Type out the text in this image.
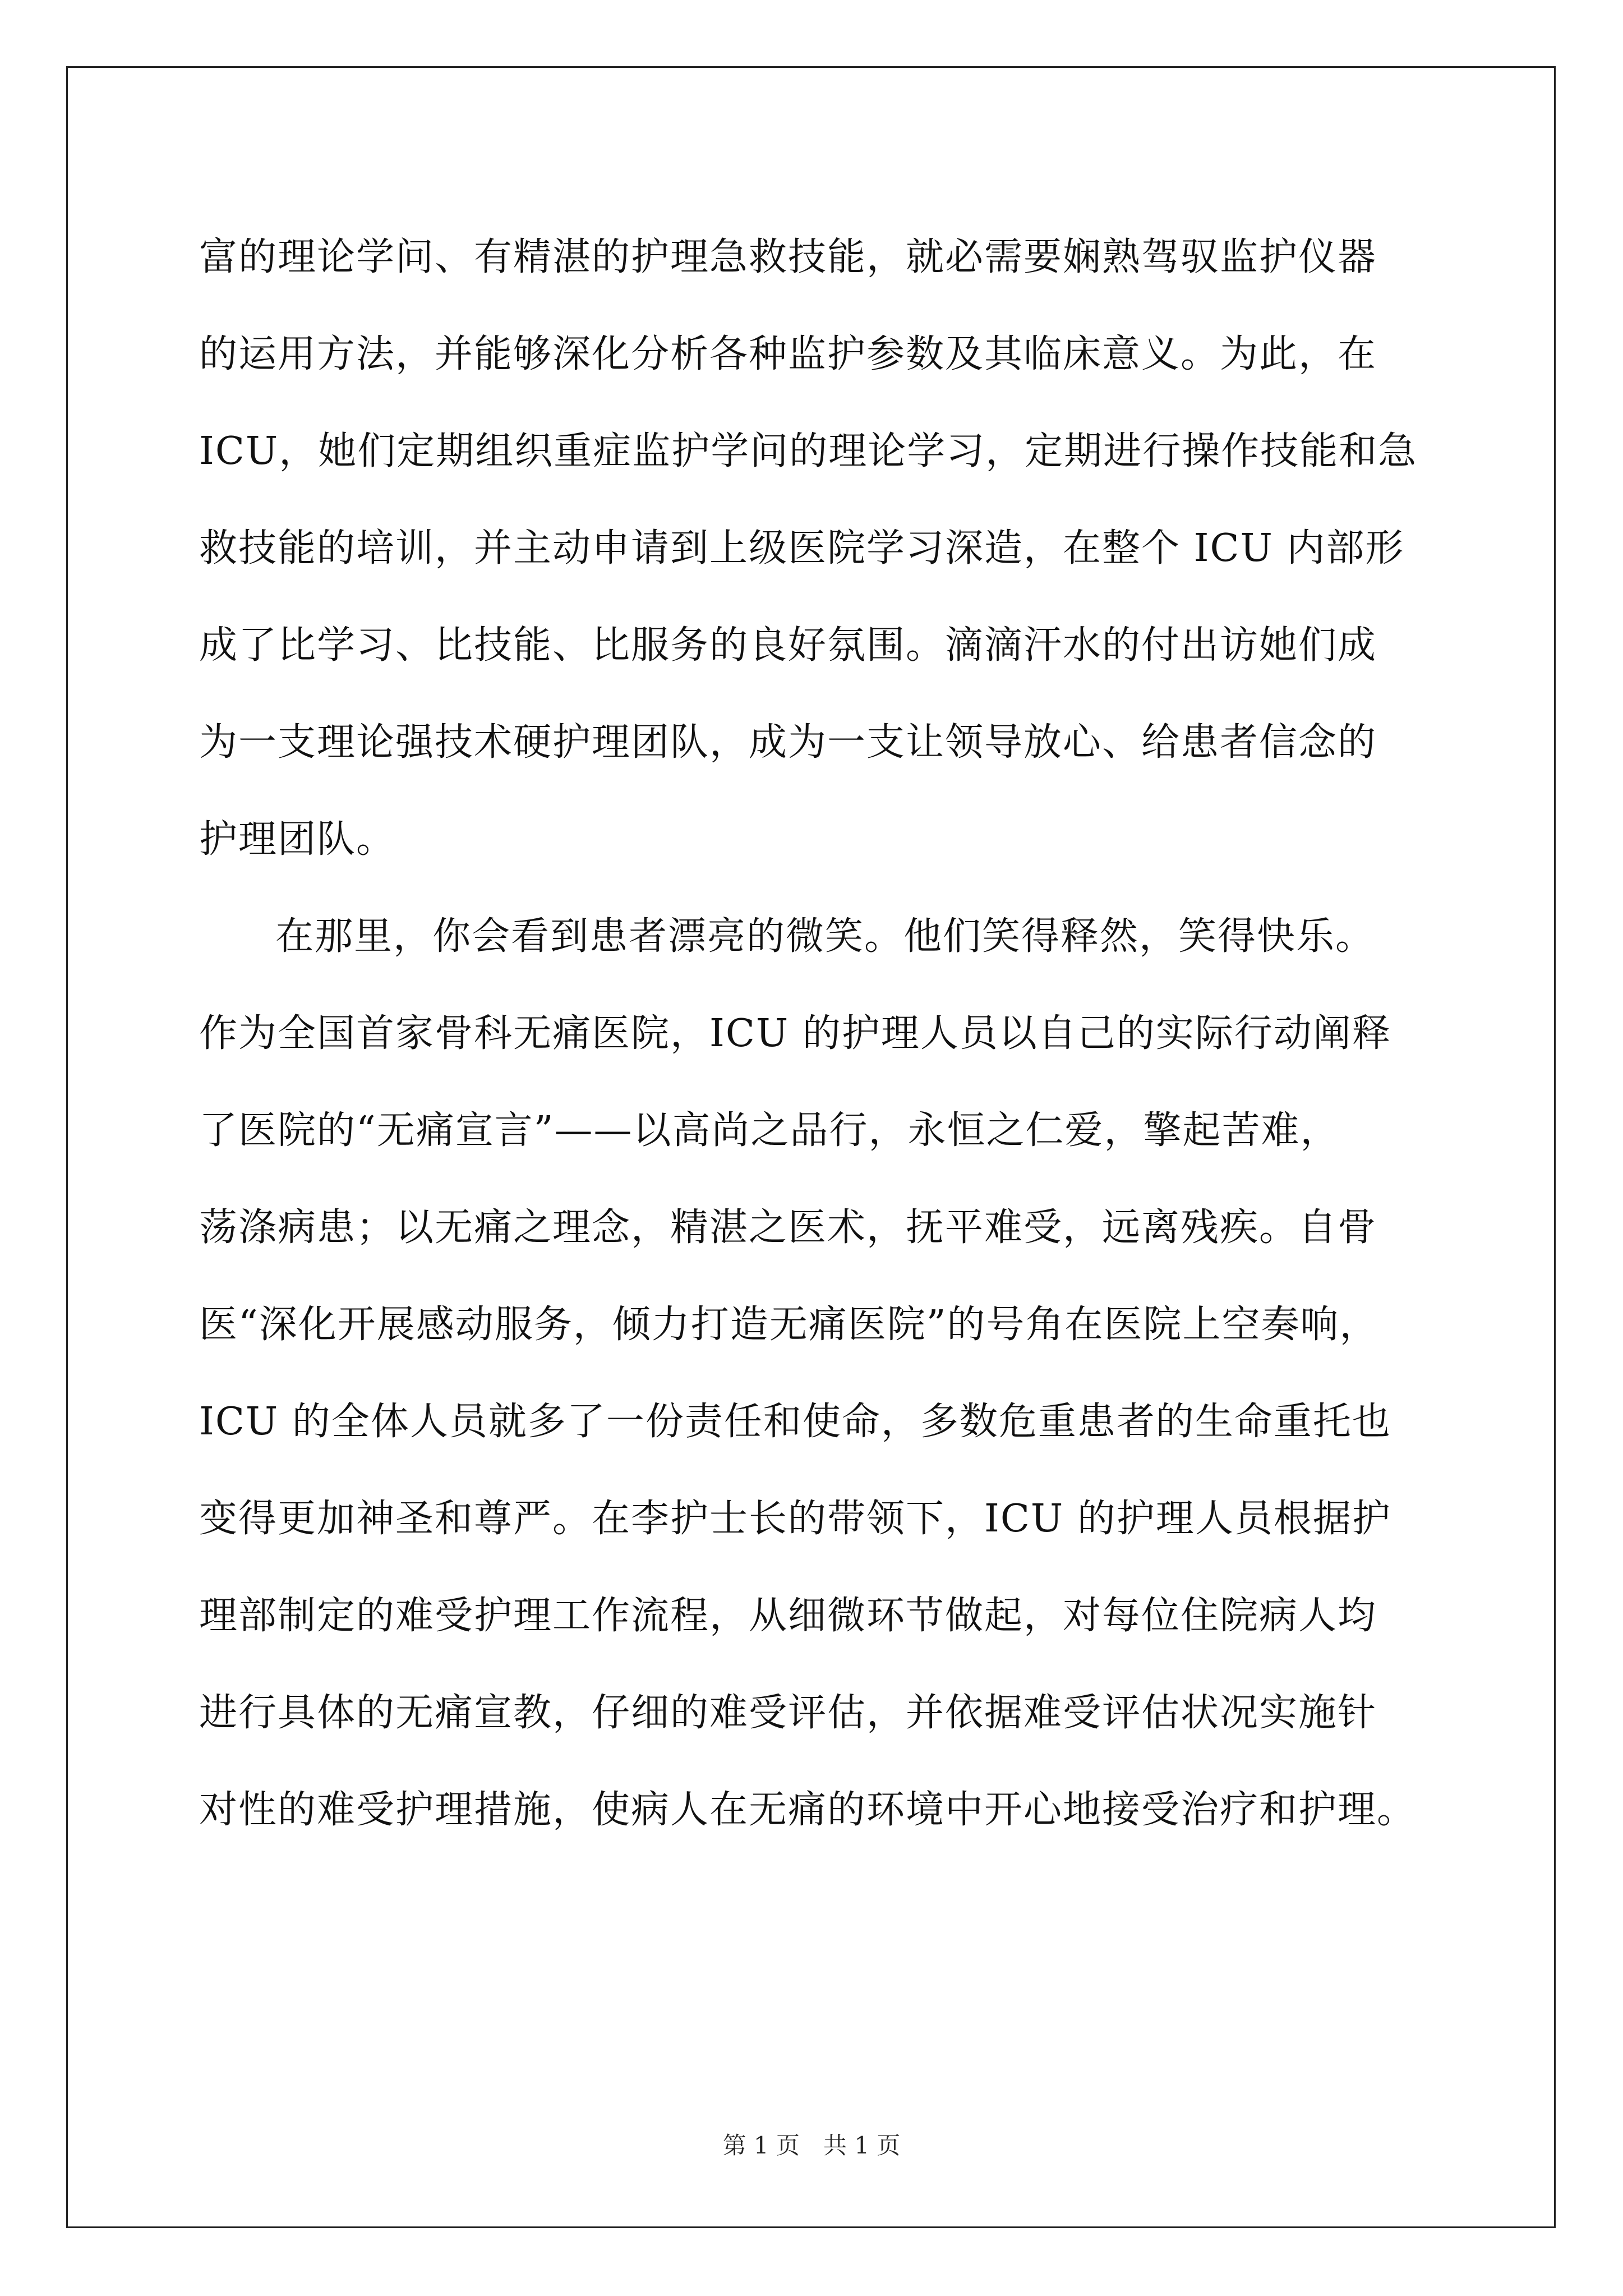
富的理论学问、有精湛的护理急救技能，就必需要娴熟驾驭监护仪器
的运用方法，并能够深化分析各种监护参数及其临床意义。为此，在
ICU，她们定期组织重症监护学问的理论学习，定期进行操作技能和急
救技能的培训，并主动申请到上级医院学习深造，在整个 ICU 内部形
成了比学习、比技能、比服务的良好氛围。滴滴汗水的付出访她们成
为一支理论强技术硬护理团队，成为一支让领导放心、给患者信念的
护理团队。
在那里，你会看到患者漂亮的微笑。他们笑得释然，笑得快乐。
作为全国首家骨科无痛医院，ICU 的护理人员以自己的实际行动阐释
了医院的“无痛宣言”——以高尚之品行，永恒之仁爱，擎起苦难，
荡涤病患；以无痛之理念，精湛之医术，抚平难受，远离残疾。自骨
医“深化开展感动服务，倾力打造无痛医院”的号角在医院上空奏响，
ICU 的全体人员就多了一份责任和使命，多数危重患者的生命重托也
变得更加神圣和尊严。在李护士长的带领下，ICU 的护理人员根据护
理部制定的难受护理工作流程，从细微环节做起，对每位住院病人均
进行具体的无痛宣教，仔细的难受评估，并依据难受评估状况实施针
对性的难受护理措施，使病人在无痛的环境中开心地接受治疗和护理。
第 1 页　共 1 页
